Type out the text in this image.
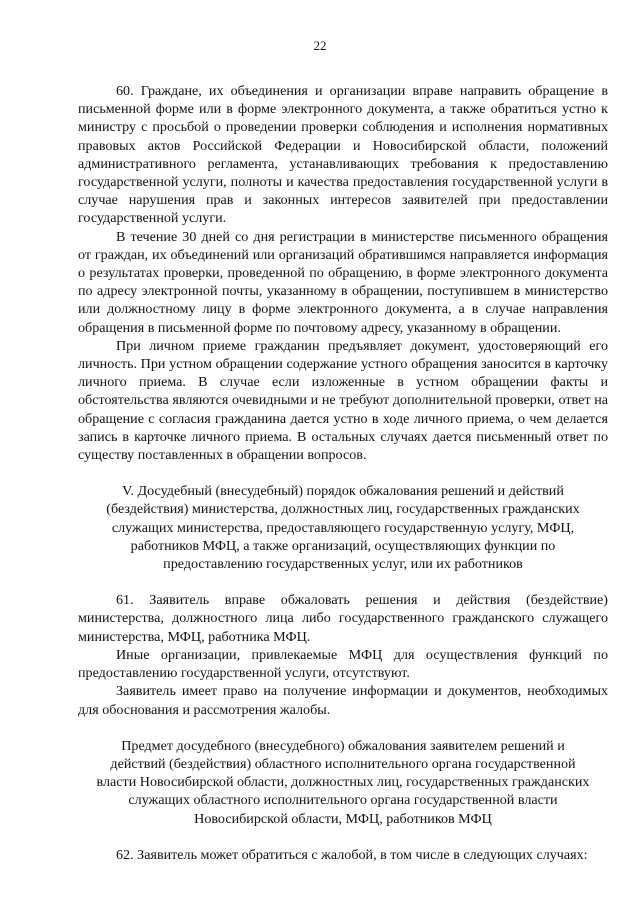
22

60. Граждане, их объединения и организации вправе направить обращение в письменной форме или в форме электронного документа, а также обратиться устно к министру с просьбой о проведении проверки соблюдения и исполнения нормативных правовых актов Российской Федерации и Новосибирской области, положений административного регламента, устанавливающих требования к предоставлению государственной услуги, полноты и качества предоставления государственной услуги в случае нарушения прав и законных интересов заявителей при предоставлении государственной услуги.

В течение 30 дней со дня регистрации в министерстве письменного обращения от граждан, их объединений или организаций обратившимся направляется информация о результатах проверки, проведенной по обращению, в форме электронного документа по адресу электронной почты, указанному в обращении, поступившем в министерство или должностному лицу в форме электронного документа, а в случае направления обращения в письменной форме по почтовому адресу, указанному в обращении.

При личном приеме гражданин предъявляет документ, удостоверяющий его личность. При устном обращении содержание устного обращения заносится в карточку личного приема. В случае если изложенные в устном обращении факты и обстоятельства являются очевидными и не требуют дополнительной проверки, ответ на обращение с согласия гражданина дается устно в ходе личного приема, о чем делается запись в карточке личного приема. В остальных случаях дается письменный ответ по существу поставленных в обращении вопросов.

V. Досудебный (внесудебный) порядок обжалования решений и действий (бездействия) министерства, должностных лиц, государственных гражданских служащих министерства, предоставляющего государственную услугу, МФЦ, работников МФЦ, а также организаций, осуществляющих функции по предоставлению государственных услуг, или их работников

61. Заявитель вправе обжаловать решения и действия (бездействие) министерства, должностного лица либо государственного гражданского служащего министерства, МФЦ, работника МФЦ.

Иные организации, привлекаемые МФЦ для осуществления функций по предоставлению государственной услуги, отсутствуют.

Заявитель имеет право на получение информации и документов, необходимых для обоснования и рассмотрения жалобы.

Предмет досудебного (внесудебного) обжалования заявителем решений и действий (бездействия) областного исполнительного органа государственной власти Новосибирской области, должностных лиц, государственных гражданских служащих областного исполнительного органа государственной власти Новосибирской области, МФЦ, работников МФЦ

62. Заявитель может обратиться с жалобой, в том числе в следующих случаях:
